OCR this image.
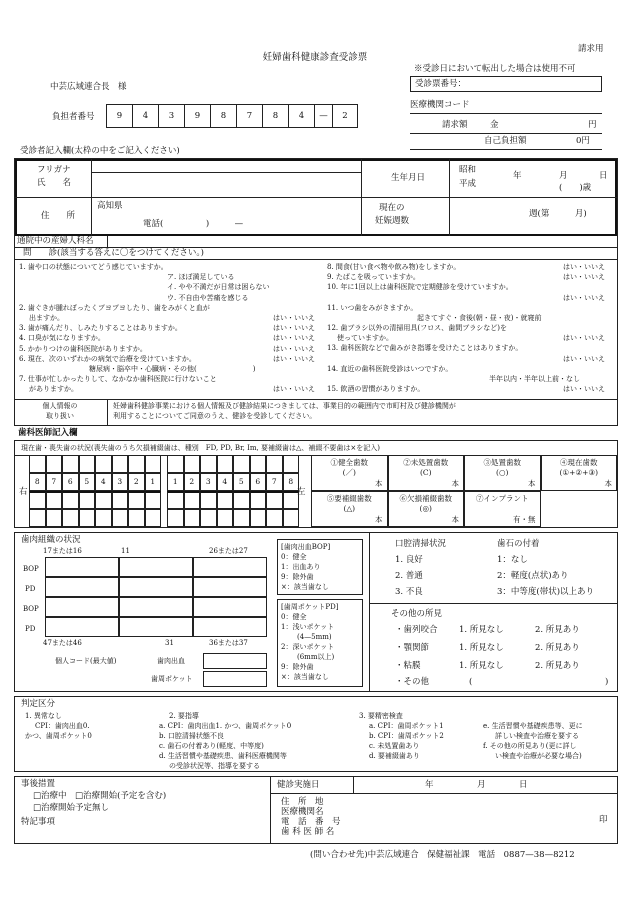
妊婦歯科健康診査受診票
請求用
※受診日において転出した場合は使用不可
中芸広域連合長　様	受診票番号：
負担者番号	9	4	3	9	8	7	8	4	—	2
医療機関コード
請求額	金	円
自己負担額	0円
受診者記入欄(太枠の中をご記入ください)
フリガナ
氏　　名	生年月日
昭和
平成
年	月	日
(　　)歳
住　　所
高知県
電話(　　　　　)　　　—
現在の
妊娠週数
週(第　　　月)
通院中の産婦人科名
問　　診(該当する答えに〇をつけてください。)
1. 歯や口の状態についてどう感じていますか。
ア. ほぼ満足している
イ. やや不満だが日常は困らない
ウ. 不自由や苦痛を感じる
2. 歯ぐきが腫れぼったくブヨブヨしたり、歯をみがくと血が
出ますか。	はい・いいえ
3. 歯が痛んだり、しみたりすることはありますか。	はい・いいえ
4. 口臭が気になりますか。	はい・いいえ
5. かかりつけの歯科医院がありますか。	はい・いいえ
6. 現在、次のいずれかの病気で治療を受けていますか。	はい・いいえ
糖尿病・脳卒中・心臓病・その他(　　　　　　　　)
7. 仕事が忙しかったりして、なかなか歯科医院に行けないこと
がありますか。	はい・いいえ
8. 間食(甘い食べ物や飲み物)をしますか。	はい・いいえ
9. たばこを吸っていますか。	はい・いいえ
10. 年に1回以上は歯科医院で定期健診を受けていますか。
はい・いいえ
11. いつ歯をみがきますか。
起きてすぐ・食後(朝・昼・夜)・就寝前
12. 歯ブラシ以外の清掃用具(フロス、歯間ブラシなど)を
使っていますか。	はい・いいえ
13. 歯科医院などで歯みがき指導を受けたことはありますか。
はい・いいえ
14. 直近の歯科医院受診はいつですか。
半年以内・半年以上前・なし
15. 飲酒の習慣がありますか。	はい・いいえ
個人情報の
取り扱い
妊婦歯科健診事業における個人情報及び健診結果につきましては、事業目的の範囲内で市町村及び健診機関が
利用することについてご同意のうえ、健診を受診してください。
歯科医師記入欄
現在歯・喪失歯の状況(喪失歯のうち欠損補綴歯は、種別　FD, PD, Br, Im, 要補綴歯は△、補綴不要歯は×を記入)
右	左
8	7	6	5	4	3	2	1	1	2	3	4	5	6	7	8
①健全歯数
(／)
本
②未処置歯数
(C)
本
③処置歯数
(○)
本
④現在歯数
(①+②+③)
本
⑤要補綴歯数
(△)
本
⑥欠損補綴歯数
(◎)
本
⑦インプラント
有・無
歯肉組織の状況
17または16	11	26または27
BOP
PD
BOP
PD
47または46	31	36または37
個人コード(最大値)	歯肉出血
歯周ポケット
[歯肉出血BOP]
0：健全
1：出血あり
9：除外歯
×：該当歯なし
[歯周ポケットPD]
0：健全
1：浅いポケット
(4—5mm)
2：深いポケット
(6mm以上)
9：除外歯
×：該当歯なし
口腔清掃状況
1. 良好
2. 普通
3. 不良
歯石の付着
1：なし
2：軽度(点状)あり
3：中等度(帯状)以上あり
その他の所見
・歯列咬合	1. 所見なし	2. 所見あり
・顎関節	1. 所見なし	2. 所見あり
・粘膜	1. 所見なし	2. 所見あり
・その他	(	)
判定区分
1. 異常なし
CPI：歯肉出血0.
かつ、歯周ポケット0
2. 要指導
a. CPI：歯肉出血1. かつ、歯周ポケット0
b. 口腔清掃状態不良
c. 歯石の付着あり(軽度、中等度)
d. 生活習慣や基礎疾患、歯科医療機関等
の受診状況等、指導を要する
3. 要精密検査
a. CPI：歯周ポケット1
b. CPI：歯周ポケット2
c. 未処置歯あり
d. 要補綴歯あり
e. 生活習慣や基礎疾患等、更に
詳しい検査や治療を要する
f. その他の所見あり(更に詳し
い検査や治療が必要な場合)
事後措置
□治療中　□治療開始(予定を含む)
□治療開始予定無し
特記事項
健診実施日	年	月	日
住　所　地
医療機関名
電　話　番　号
歯 科 医 師 名
印
(問い合わせ先)中芸広域連合　保健福祉課　電話　0887—38—8212
